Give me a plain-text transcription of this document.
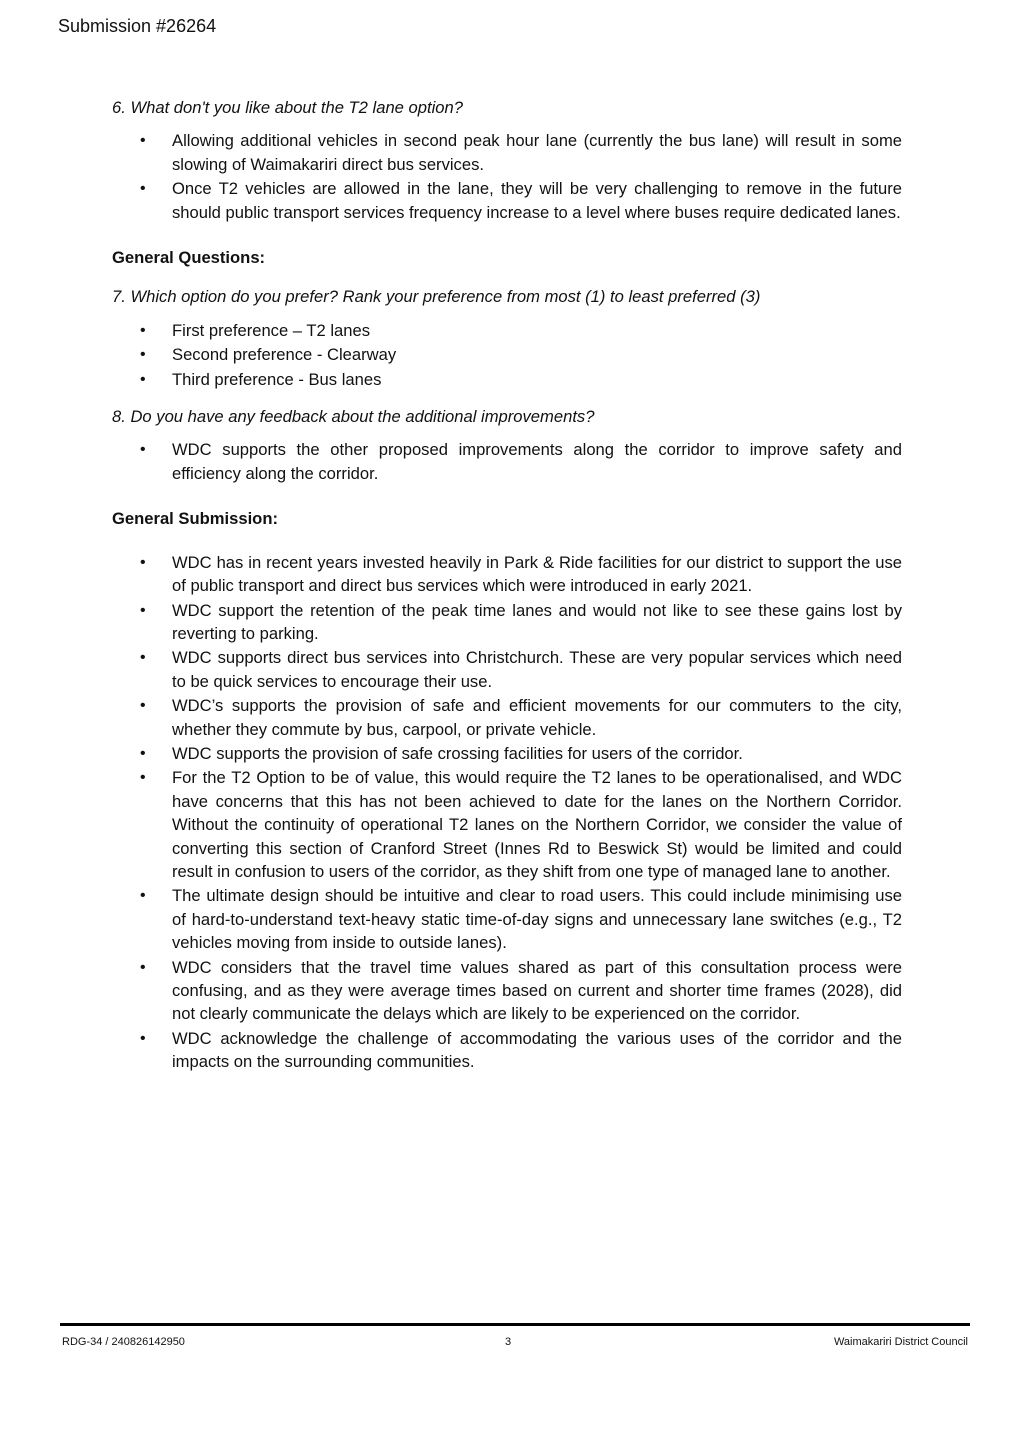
Submission #26264

6. What don't you like about the T2 lane option?

• Allowing additional vehicles in second peak hour lane (currently the bus lane) will result in some slowing of Waimakariri direct bus services.
• Once T2 vehicles are allowed in the lane, they will be very challenging to remove in the future should public transport services frequency increase to a level where buses require dedicated lanes.

General Questions:

7. Which option do you prefer? Rank your preference from most (1) to least preferred (3)

• First preference – T2 lanes
• Second preference - Clearway
• Third preference - Bus lanes

8. Do you have any feedback about the additional improvements?

• WDC supports the other proposed improvements along the corridor to improve safety and efficiency along the corridor.

General Submission:

• WDC has in recent years invested heavily in Park & Ride facilities for our district to support the use of public transport and direct bus services which were introduced in early 2021.
• WDC support the retention of the peak time lanes and would not like to see these gains lost by reverting to parking.
• WDC supports direct bus services into Christchurch. These are very popular services which need to be quick services to encourage their use.
• WDC’s supports the provision of safe and efficient movements for our commuters to the city, whether they commute by bus, carpool, or private vehicle.
• WDC supports the provision of safe crossing facilities for users of the corridor.
• For the T2 Option to be of value, this would require the T2 lanes to be operationalised, and WDC have concerns that this has not been achieved to date for the lanes on the Northern Corridor. Without the continuity of operational T2 lanes on the Northern Corridor, we consider the value of converting this section of Cranford Street (Innes Rd to Beswick St) would be limited and could result in confusion to users of the corridor, as they shift from one type of managed lane to another.
• The ultimate design should be intuitive and clear to road users. This could include minimising use of hard-to-understand text-heavy static time-of-day signs and unnecessary lane switches (e.g., T2 vehicles moving from inside to outside lanes).
• WDC considers that the travel time values shared as part of this consultation process were confusing, and as they were average times based on current and shorter time frames (2028), did not clearly communicate the delays which are likely to be experienced on the corridor.
• WDC acknowledge the challenge of accommodating the various uses of the corridor and the impacts on the surrounding communities.
RDG-34 / 240826142950	3	Waimakariri District Council
